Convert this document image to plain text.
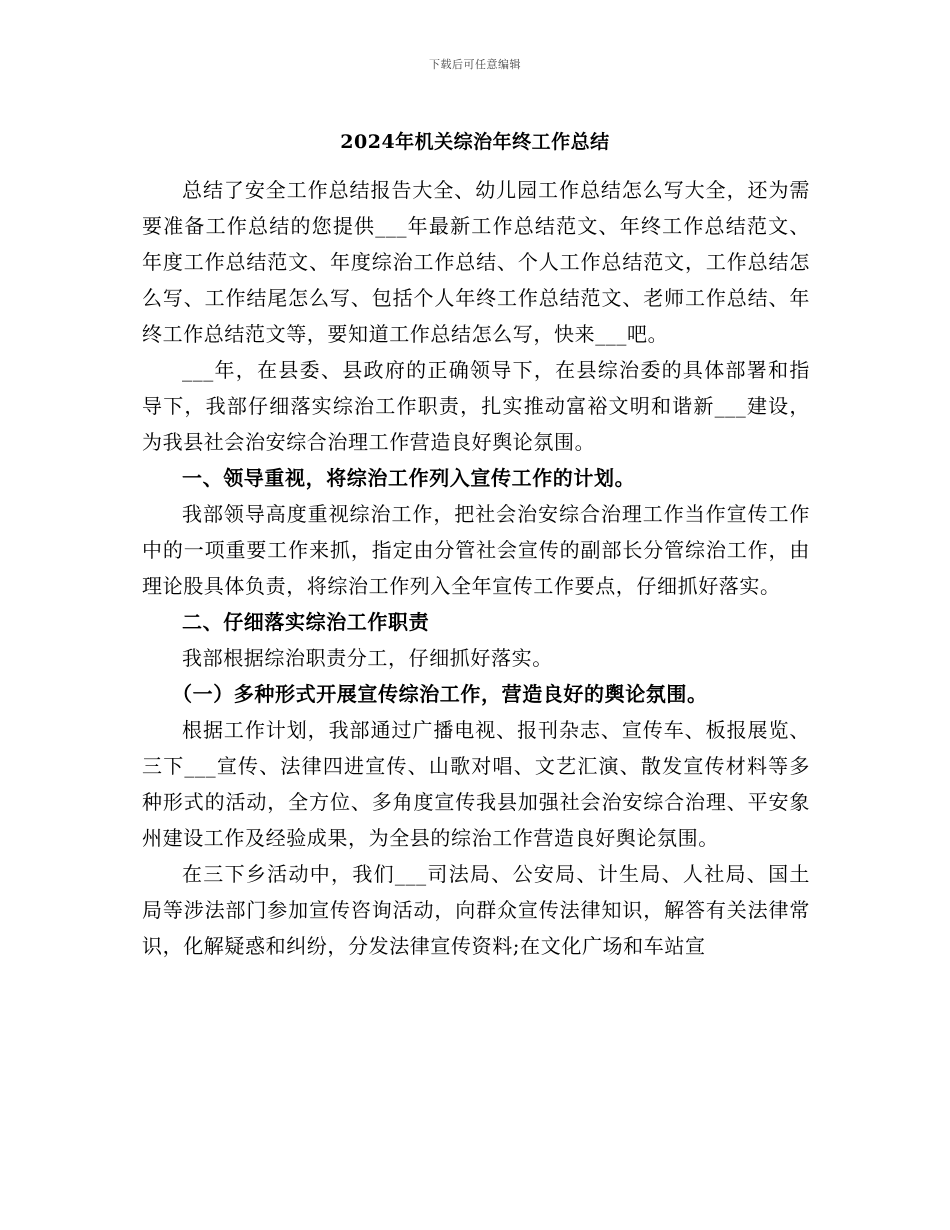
下载后可任意编辑
2024年机关综治年终工作总结

总结了安全工作总结报告大全、幼儿园工作总结怎么写大全，还为需要准备工作总结的您提供___年最新工作总结范文、年终工作总结范文、年度工作总结范文、年度综治工作总结、个人工作总结范文，工作总结怎么写、工作结尾怎么写、包括个人年终工作总结范文、老师工作总结、年终工作总结范文等，要知道工作总结怎么写，快来___吧。

___年，在县委、县政府的正确领导下，在县综治委的具体部署和指导下，我部仔细落实综治工作职责，扎实推动富裕文明和谐新___建设，为我县社会治安综合治理工作营造良好舆论氛围。

一、领导重视，将综治工作列入宣传工作的计划。

我部领导高度重视综治工作，把社会治安综合治理工作当作宣传工作中的一项重要工作来抓，指定由分管社会宣传的副部长分管综治工作，由理论股具体负责，将综治工作列入全年宣传工作要点，仔细抓好落实。

二、仔细落实综治工作职责

我部根据综治职责分工，仔细抓好落实。

（一）多种形式开展宣传综治工作，营造良好的舆论氛围。

根据工作计划，我部通过广播电视、报刊杂志、宣传车、板报展览、三下___宣传、法律四进宣传、山歌对唱、文艺汇演、散发宣传材料等多种形式的活动，全方位、多角度宣传我县加强社会治安综合治理、平安象州建设工作及经验成果，为全县的综治工作营造良好舆论氛围。

在三下乡活动中，我们___司法局、公安局、计生局、人社局、国土局等涉法部门参加宣传咨询活动，向群众宣传法律知识，解答有关法律常识，化解疑惑和纠纷，分发法律宣传资料;在文化广场和车站宣
